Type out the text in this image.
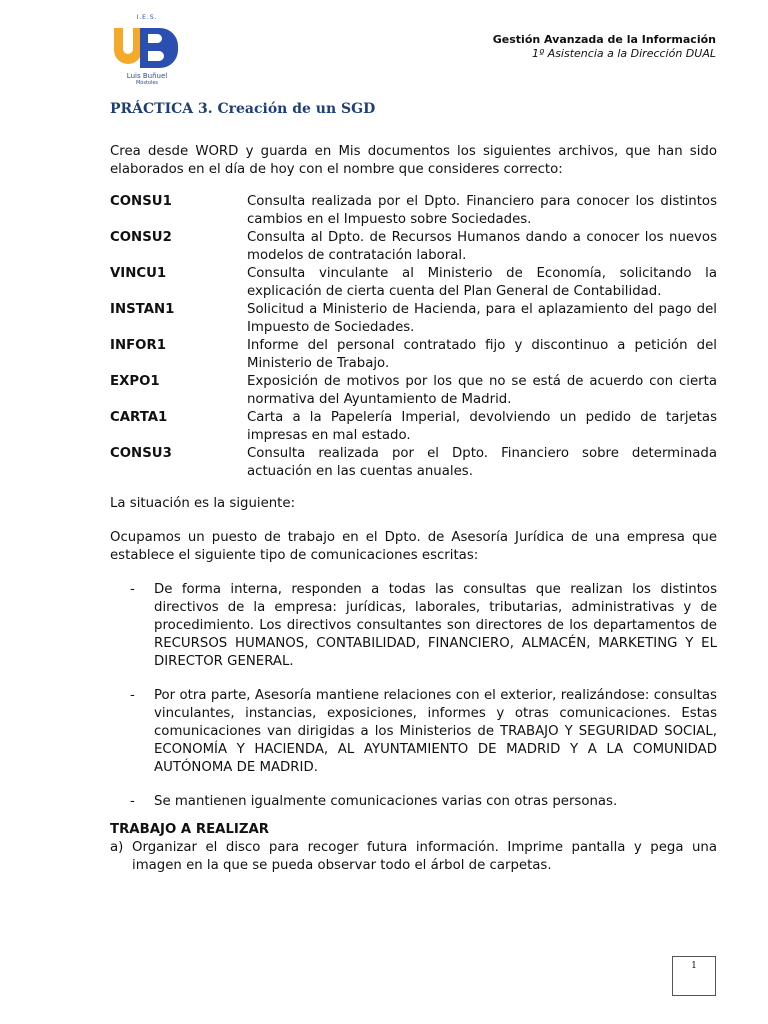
I.E.S.
Luis Buñuel
Móstoles
Gestión Avanzada de la Información
1º Asistencia a la Dirección DUAL
PRÁCTICA 3. Creación de un SGD

Crea desde WORD y guarda en Mis documentos los siguientes archivos, que han sido elaborados en el día de hoy con el nombre que consideres correcto:

CONSU1	Consulta realizada por el Dpto. Financiero para conocer los distintos cambios en el Impuesto sobre Sociedades.
CONSU2	Consulta al Dpto. de Recursos Humanos dando a conocer los nuevos modelos de contratación laboral.
VINCU1	Consulta vinculante al Ministerio de Economía, solicitando la explicación de cierta cuenta del Plan General de Contabilidad.
INSTAN1	Solicitud a Ministerio de Hacienda, para el aplazamiento del pago del Impuesto de Sociedades.
INFOR1	Informe del personal contratado fijo y discontinuo a petición del Ministerio de Trabajo.
EXPO1	Exposición de motivos por los que no se está de acuerdo con cierta normativa del Ayuntamiento de Madrid.
CARTA1	Carta a la Papelería Imperial, devolviendo un pedido de tarjetas impresas en mal estado.
CONSU3	Consulta realizada por el Dpto. Financiero sobre determinada actuación en las cuentas anuales.

La situación es la siguiente:

Ocupamos un puesto de trabajo en el Dpto. de Asesoría Jurídica de una empresa que establece el siguiente tipo de comunicaciones escritas:

-	De forma interna, responden a todas las consultas que realizan los distintos directivos de la empresa: jurídicas, laborales, tributarias, administrativas y de procedimiento. Los directivos consultantes son directores de los departamentos de RECURSOS HUMANOS, CONTABILIDAD, FINANCIERO, ALMACÉN, MARKETING Y EL DIRECTOR GENERAL.
-	Por otra parte, Asesoría mantiene relaciones con el exterior, realizándose: consultas vinculantes, instancias, exposiciones, informes y otras comunicaciones. Estas comunicaciones van dirigidas a los Ministerios de TRABAJO Y SEGURIDAD SOCIAL, ECONOMÍA Y HACIENDA, AL AYUNTAMIENTO DE MADRID Y A LA COMUNIDAD AUTÓNOMA DE MADRID.
-	Se mantienen igualmente comunicaciones varias con otras personas.
TRABAJO A REALIZAR
a) Organizar el disco para recoger futura información. Imprime pantalla y pega una imagen en la que se pueda observar todo el árbol de carpetas.
1
